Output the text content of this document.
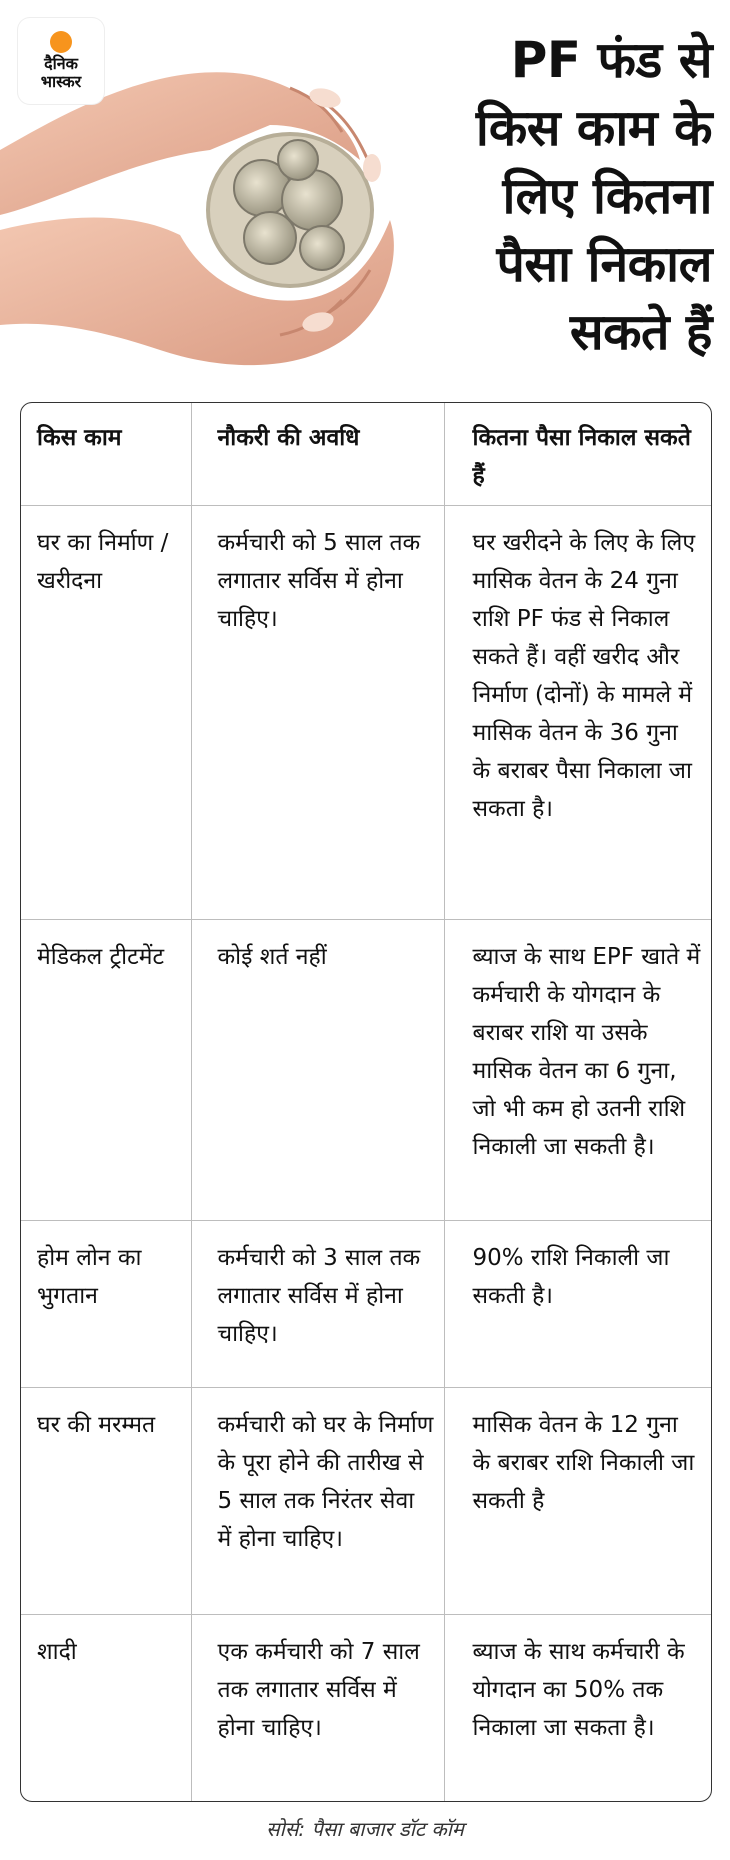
दैनिक
भास्कर	PF फंड से
किस काम के
लिए कितना
पैसा निकाल
सकते हैं
किस काम	नौकरी की अवधि	कितना पैसा निकाल सकते हैं
घर का निर्माण / खरीदना	कर्मचारी को 5 साल तक लगातार सर्विस में होना चाहिए।	घर खरीदने के लिए के लिए मासिक वेतन के 24 गुना राशि PF फंड से निकाल सकते हैं। वहीं खरीद और निर्माण (दोनों) के मामले में मासिक वेतन के 36 गुना के बराबर पैसा निकाला जा सकता है।
मेडिकल ट्रीटमेंट	कोई शर्त नहीं	ब्याज के साथ EPF खाते में कर्मचारी के योगदान के बराबर राशि या उसके मासिक वेतन का 6 गुना, जो भी कम हो उतनी राशि निकाली जा सकती है।
होम लोन का भुगतान	कर्मचारी को 3 साल तक लगातार सर्विस में होना चाहिए।	90% राशि निकाली जा सकती है।
घर की मरम्मत	कर्मचारी को घर के निर्माण के पूरा होने की तारीख से 5 साल तक निरंतर सेवा में होना चाहिए।	मासिक वेतन के 12 गुना के बराबर राशि निकाली जा सकती है
शादी	एक कर्मचारी को 7 साल तक लगातार सर्विस में होना चाहिए।	ब्याज के साथ कर्मचारी के योगदान का 50% तक निकाला जा सकता है।
सोर्स: पैसा बाजार डॉट कॉम
